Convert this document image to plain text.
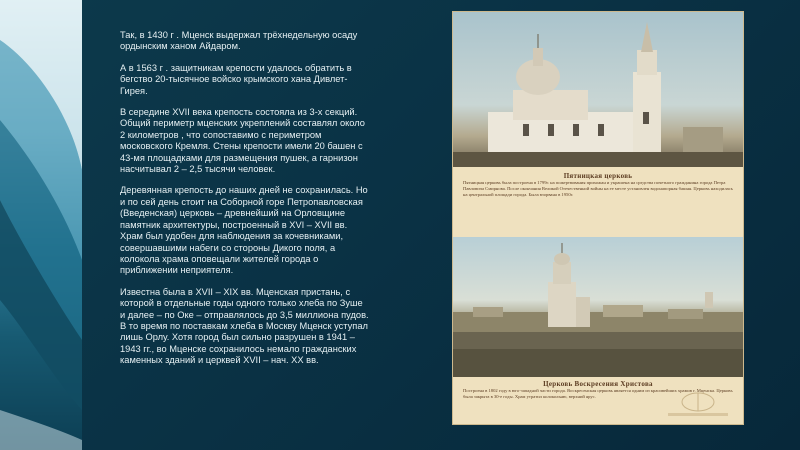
Так, в 1430 г . Мценск выдержал трёхнедельную осаду ордынским ханом Айдаром.

А в 1563 г . защитникам крепости удалось обратить в бегство 20-тысячное войско крымского хана Дивлет-Гирея.

В середине XVII века крепость состояла из 3-х секций. Общий периметр мценских укреплений составлял около 2 километров , что сопоставимо с периметром московского Кремля. Стены крепости имели 20 башен с 43-мя площадками для размещения пушек, а гарнизон насчитывал 2 – 2,5 тысячи человек.

Деревянная крепость до наших дней не сохранилась. Но и по сей день стоит на Соборной горе Петропавловская (Введенская) церковь – древнейший на Орловщине памятник архитектуры, построенный в XVI – XVII вв. Храм был удобен для наблюдения за кочевниками, совершавшими набеги со стороны Дикого поля, а колокола храма оповещали жителей города о приближении неприятеля.

Известна была в XVII – XIX вв. Мценская пристань, с которой в отдельные годы одного только хлеба по Зуше и далее – по Оке – отправлялось до 3,5 миллиона пудов. В то время по поставкам хлеба в Москву Мценск уступал лишь Орлу. Хотя город был сильно разрушен в 1941 – 1943 гг., во Мценске сохранилось немало гражданских каменных зданий и церквей XVII – нач. XX вв.

Пятницкая церковь
Пятницкая церковь была построена в 1799г. на пожертвования прихожан и украшена на средства почетного гражданина города Петра Павловича Смирнова. После окончания Великой Отечественной войны на ее месте установлен водонапорная башня. Церковь находилась на центральной площади города. Была взорвана в 1950г.
Церковь Воскресения Христова
Построена в 1802 году в юго-западной части города. Воскресенская церковь является одним из красивейших храмов г. Мценска. Церковь была закрыта в 30-е годы. Храм утратил колокольню, верхний ярус.
